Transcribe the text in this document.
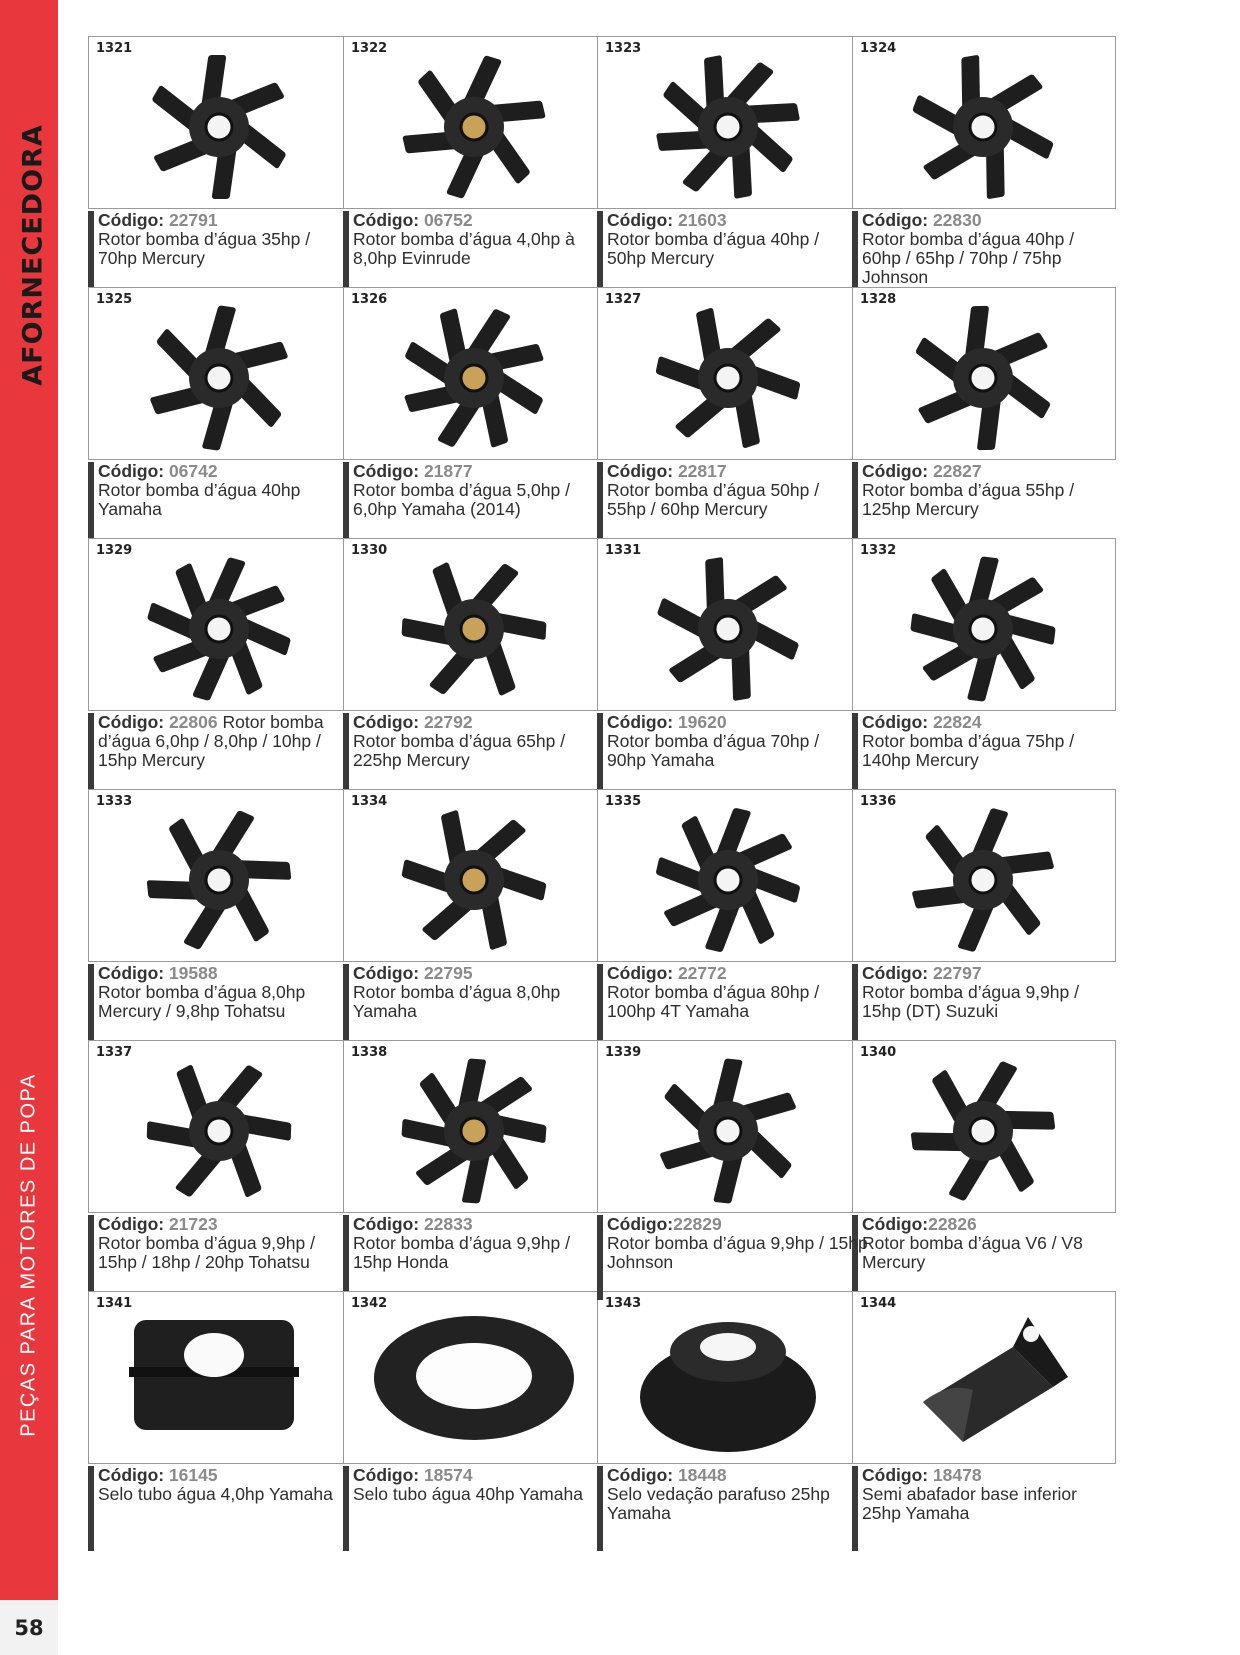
AFORNECEDORA
PEÇAS PARA MOTORES DE POPA
58
1321
Código: 22791
Rotor bomba d’água 35hp / 70hp Mercury
1322
Código: 06752
Rotor bomba d’água 4,0hp à 8,0hp Evinrude
1323
Código: 21603
Rotor bomba d’água 40hp / 50hp Mercury
1324
Código: 22830
Rotor bomba d’água 40hp / 60hp / 65hp / 70hp / 75hp Johnson
1325
Código: 06742
Rotor bomba d’água 40hp Yamaha
1326
Código: 21877
Rotor bomba d’água 5,0hp / 6,0hp Yamaha (2014)
1327
Código: 22817
Rotor bomba d’água 50hp / 55hp / 60hp Mercury
1328
Código: 22827
Rotor bomba d’água 55hp / 125hp Mercury
1329
Código: 22806 Rotor bomba d’água 6,0hp / 8,0hp / 10hp / 15hp Mercury
1330
Código: 22792
Rotor bomba d’água 65hp / 225hp Mercury
1331
Código: 19620
Rotor bomba d’água 70hp / 90hp Yamaha
1332
Código: 22824
Rotor bomba d’água 75hp / 140hp Mercury
1333
Código: 19588
Rotor bomba d’água 8,0hp Mercury / 9,8hp Tohatsu
1334
Código: 22795
Rotor bomba d’água 8,0hp Yamaha
1335
Código: 22772
Rotor bomba d’água 80hp / 100hp 4T Yamaha
1336
Código: 22797
Rotor bomba d’água 9,9hp / 15hp (DT) Suzuki
1337
Código: 21723
Rotor bomba d’água 9,9hp / 15hp / 18hp / 20hp Tohatsu
1338
Código: 22833
Rotor bomba d’água 9,9hp / 15hp Honda
1339
Código:22829
Rotor bomba d’água 9,9hp / 15hp Johnson
1340
Código:22826
Rotor bomba d’água V6 / V8 Mercury
1341
Código: 16145
Selo tubo água 4,0hp Yamaha
1342
Código: 18574
Selo tubo água 40hp Yamaha
1343
Código: 18448
Selo vedação parafuso 25hp Yamaha
1344
Código: 18478
Semi abafador base inferior 25hp Yamaha
